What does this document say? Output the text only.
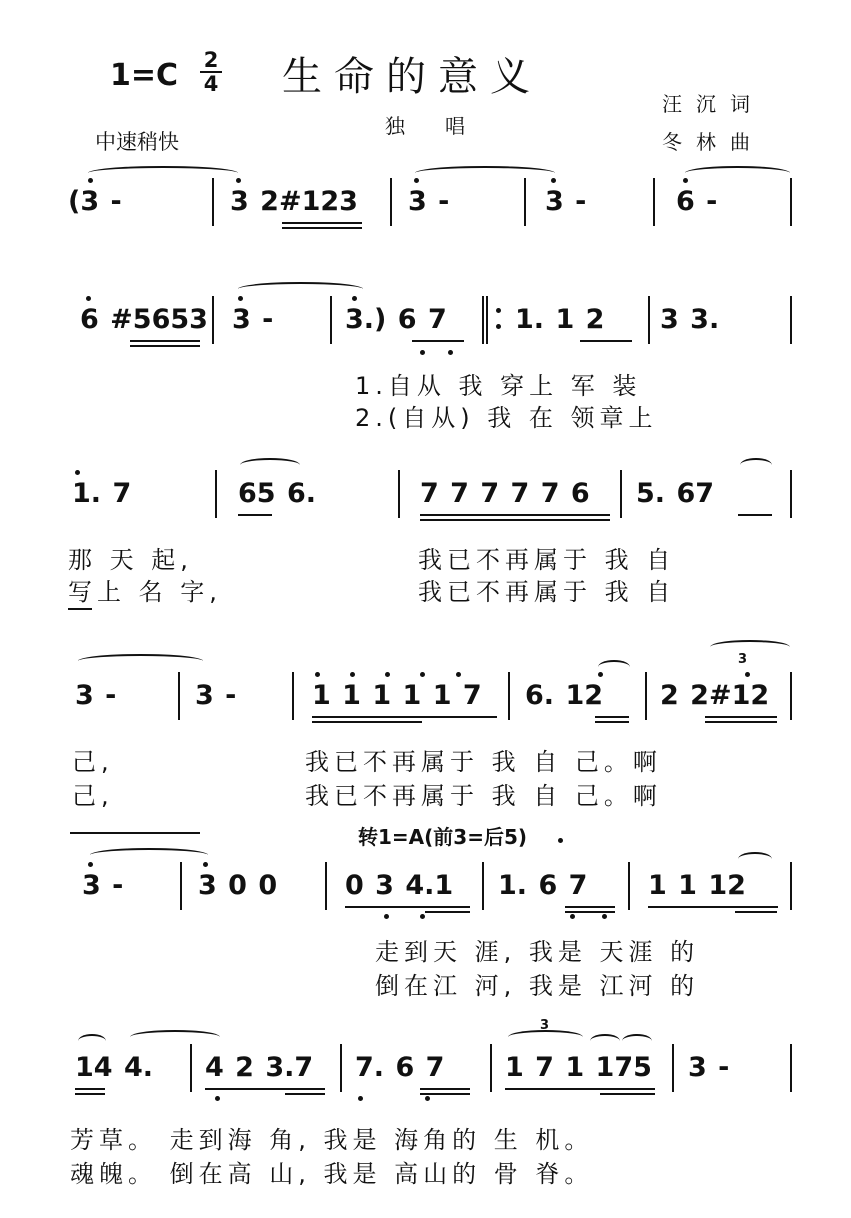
1=C 2
4 生命的意义
汪沉词
冬林曲
中速稍快
独唱
(3 -	3 2#123 3 -	3 -	6 -
6 #5653 3 -	3.) 6 7	1. 1 2 3 3.
1.自从 我 穿上 军 装
2.(自从) 我 在 领章上
1. 7	65 6.	7 7 7 7 7 6 5. 67
那 天 起,	我已不再属于 我 自
写上 名 字,	我已不再属于 我 自
3 -	3 -	1 1 1 1 1 7 6. 12 2 2#12
3
己,	我已不再属于 我 自 己。啊
己,	我已不再属于 我 自 己。啊
转1=A(前3=后5)
3 -	3 0 0	0 3 4.1 1. 6 7 1 1 12
走到天 涯, 我是 天涯 的
倒在江 河, 我是 江河 的
14 4. 4 2 3.7 7. 6 7 1 7 1 175 3 -
3
芳草。 走到海 角, 我是 海角的 生 机。
魂魄。 倒在高 山, 我是 高山的 骨 脊。
